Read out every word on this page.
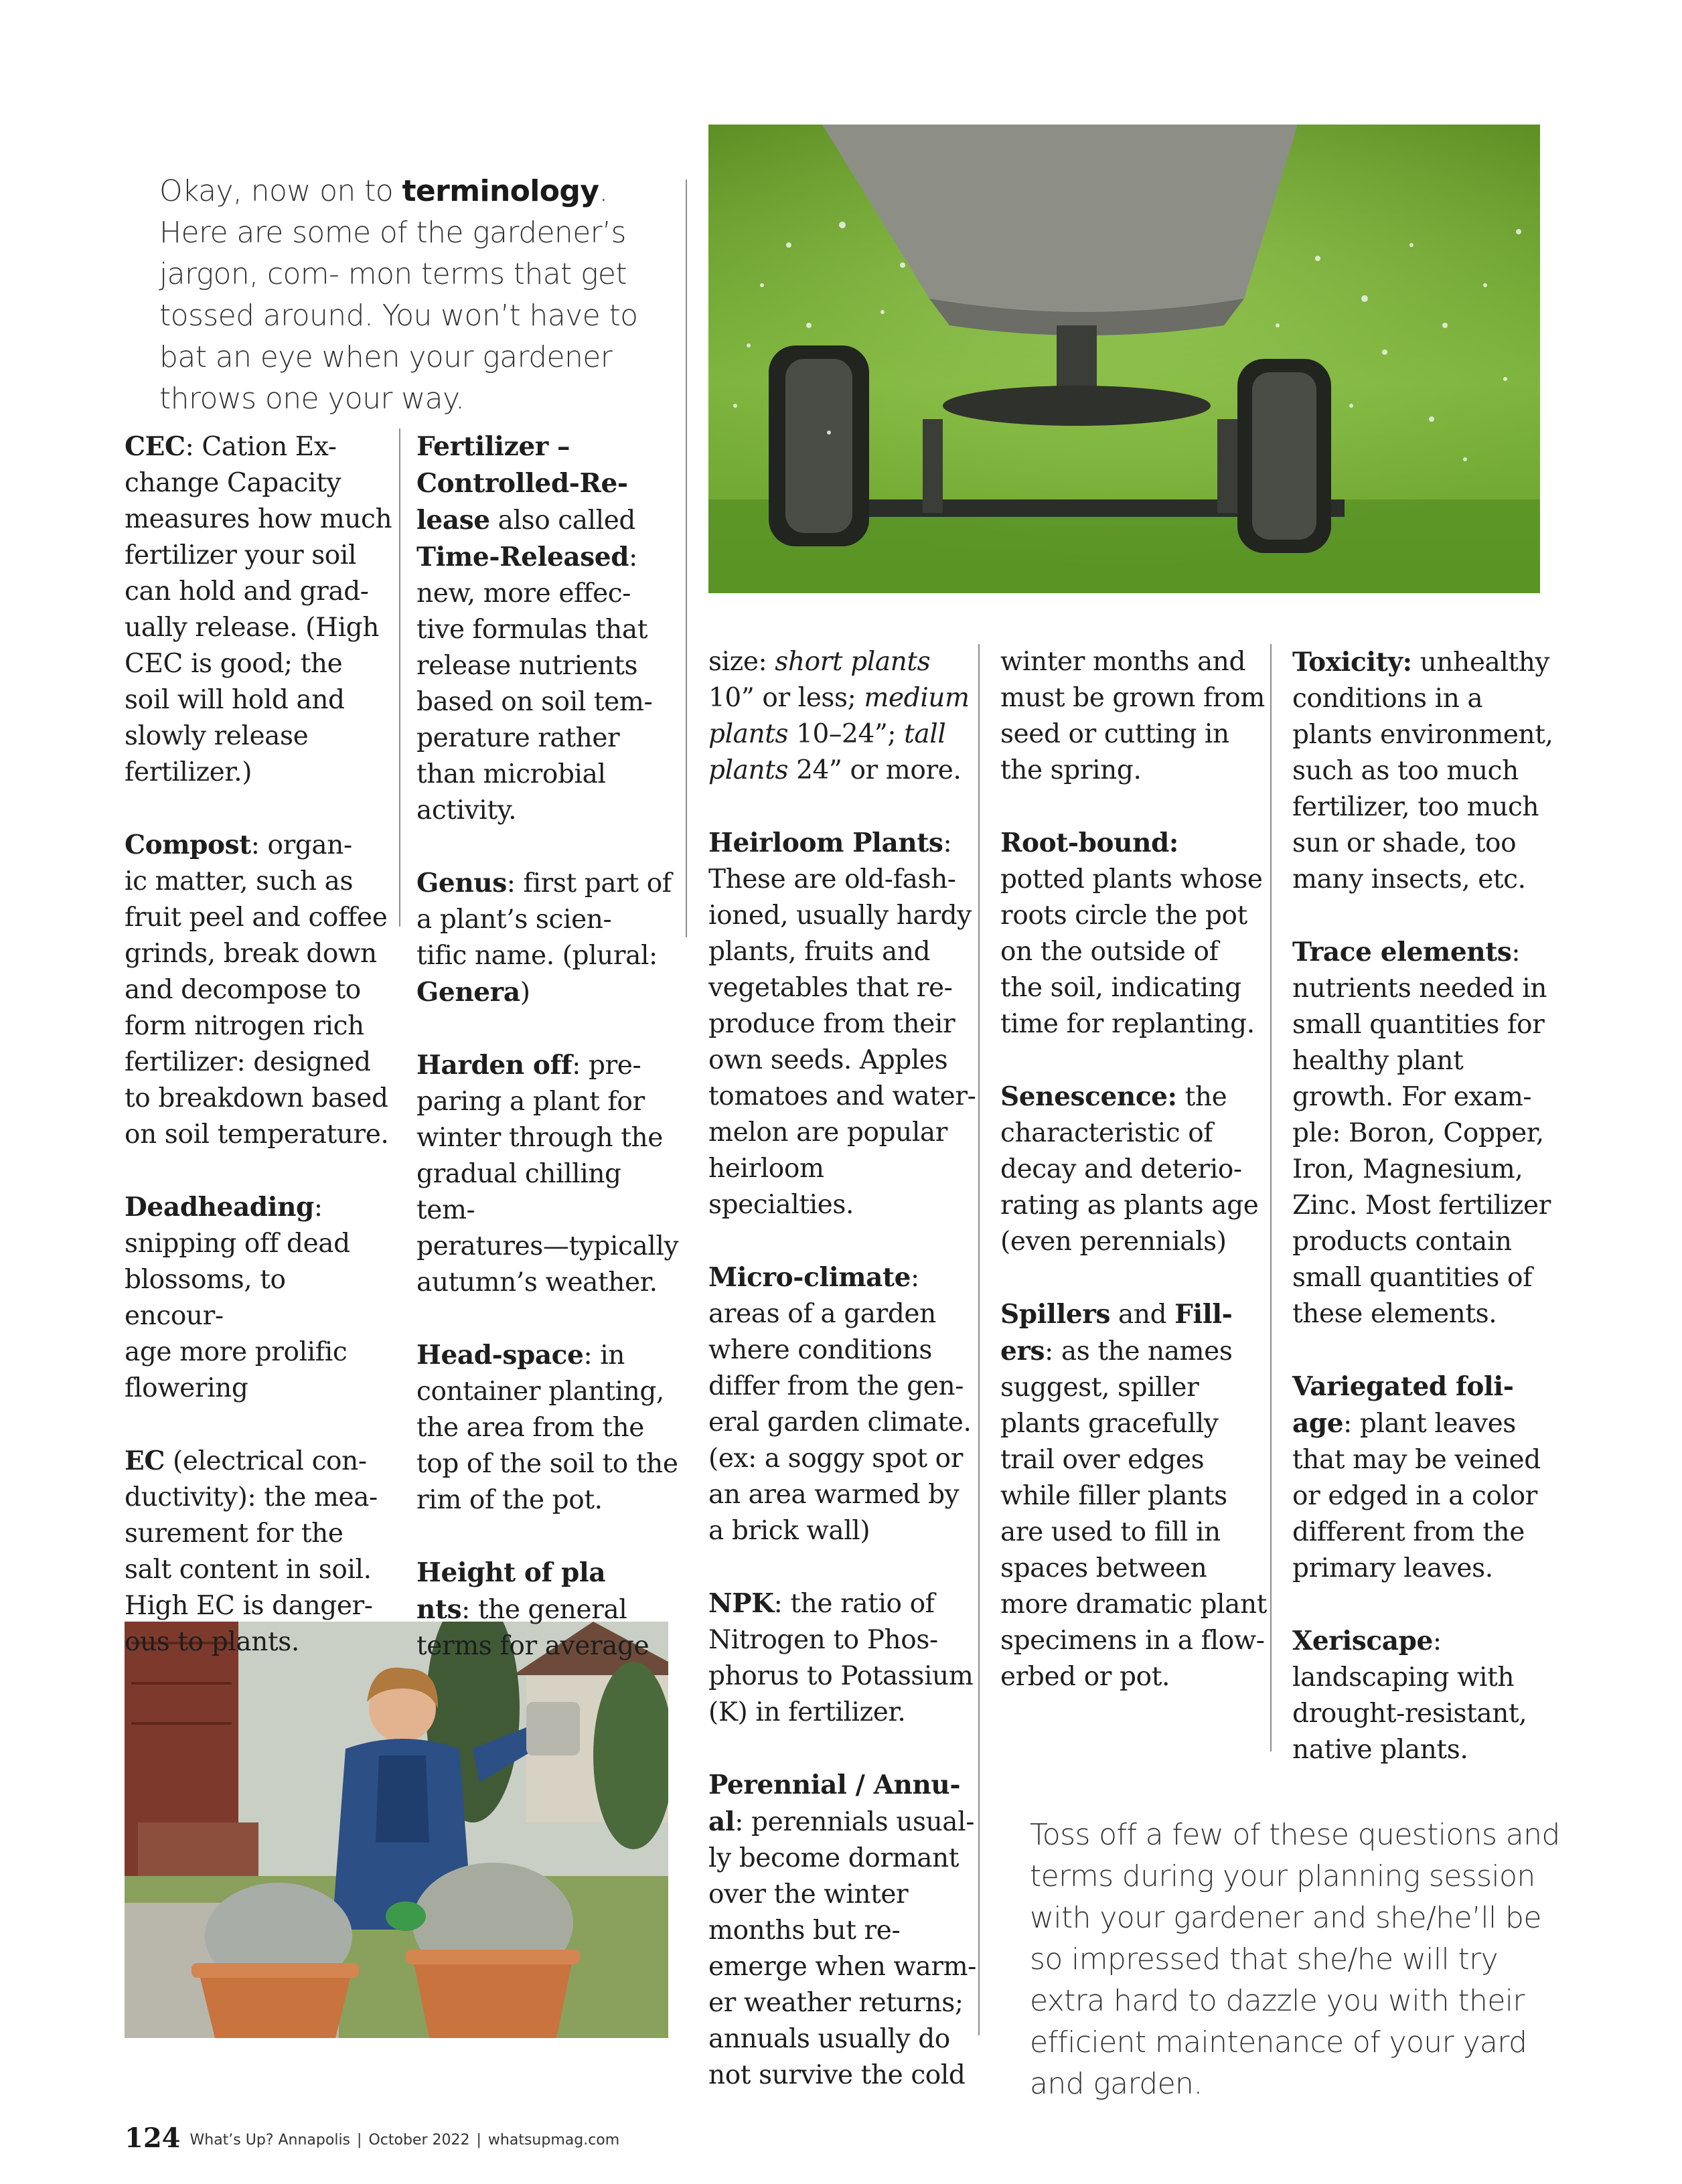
Okay, now on to terminology. Here are some of the gardener’s jargon, com- mon terms that get tossed around. You won’t have to bat an eye when your gardener throws one your way.

CEC: Cation Ex-
change Capacity measures how much fertilizer your soil can hold and grad-
ually release. (High CEC is good; the soil will hold and slowly release fertilizer.)

Compost: organ-
ic matter, such as fruit peel and coffee grinds, break down and decompose to form nitrogen rich fertilizer: designed to breakdown based on soil temperature.

Deadheading:
snipping off dead blossoms, to encour-
age more prolific flowering

EC (electrical con-
ductivity): the mea-
surement for the salt content in soil. High EC is danger-
ous to plants.

Fertilizer –
Controlled-Re-
lease also called Time-Released:
new, more effec-
tive formulas that release nutrients based on soil tem-
perature rather than microbial activity.

Genus: first part of a plant’s scien-
tific name. (plural: Genera)

Harden off: pre-
paring a plant for winter through the gradual chilling tem-
peratures—typically autumn’s weather.

Head-space: in container planting, the area from the top of the soil to the rim of the pot.

Height of pla
nts: the general terms for average

size: short plants 10” or less; medium plants 10–24”; tall plants 24” or more.

Heirloom Plants:
These are old-fash-
ioned, usually hardy plants, fruits and vegetables that re-
produce from their own seeds. Apples tomatoes and water-
melon are popular heirloom specialties.

Micro-climate:
areas of a garden where conditions differ from the gen-
eral garden climate. (ex: a soggy spot or an area warmed by a brick wall)

NPK: the ratio of Nitrogen to Phos-
phorus to Potassium (K) in fertilizer.

Perennial / Annu-
al: perennials usual-
ly become dormant over the winter months but re-
emerge when warm-
er weather returns; annuals usually do not survive the cold

winter months and must be grown from seed or cutting in the spring.

Root-bound:
potted plants whose roots circle the pot on the outside of the soil, indicating time for replanting.

Senescence: the characteristic of decay and deterio-
rating as plants age (even perennials)

Spillers and Fill-
ers: as the names suggest, spiller plants gracefully trail over edges while filler plants are used to fill in spaces between more dramatic plant specimens in a flow-
erbed or pot.

Toxicity: unhealthy conditions in a plants environment, such as too much fertilizer, too much sun or shade, too many insects, etc.

Trace elements:
nutrients needed in small quantities for healthy plant growth. For exam-
ple: Boron, Copper, Iron, Magnesium, Zinc. Most fertilizer products contain small quantities of these elements.

Variegated foli-
age: plant leaves that may be veined or edged in a color different from the primary leaves.

Xeriscape:
landscaping with drought-resistant, native plants.

Toss off a few of these questions and terms during your planning session with your gardener and she/he’ll be so impressed that she/he will try extra hard to dazzle you with their efficient maintenance of your yard and garden.
124 What’s Up? Annapolis | October 2022 | whatsupmag.com
